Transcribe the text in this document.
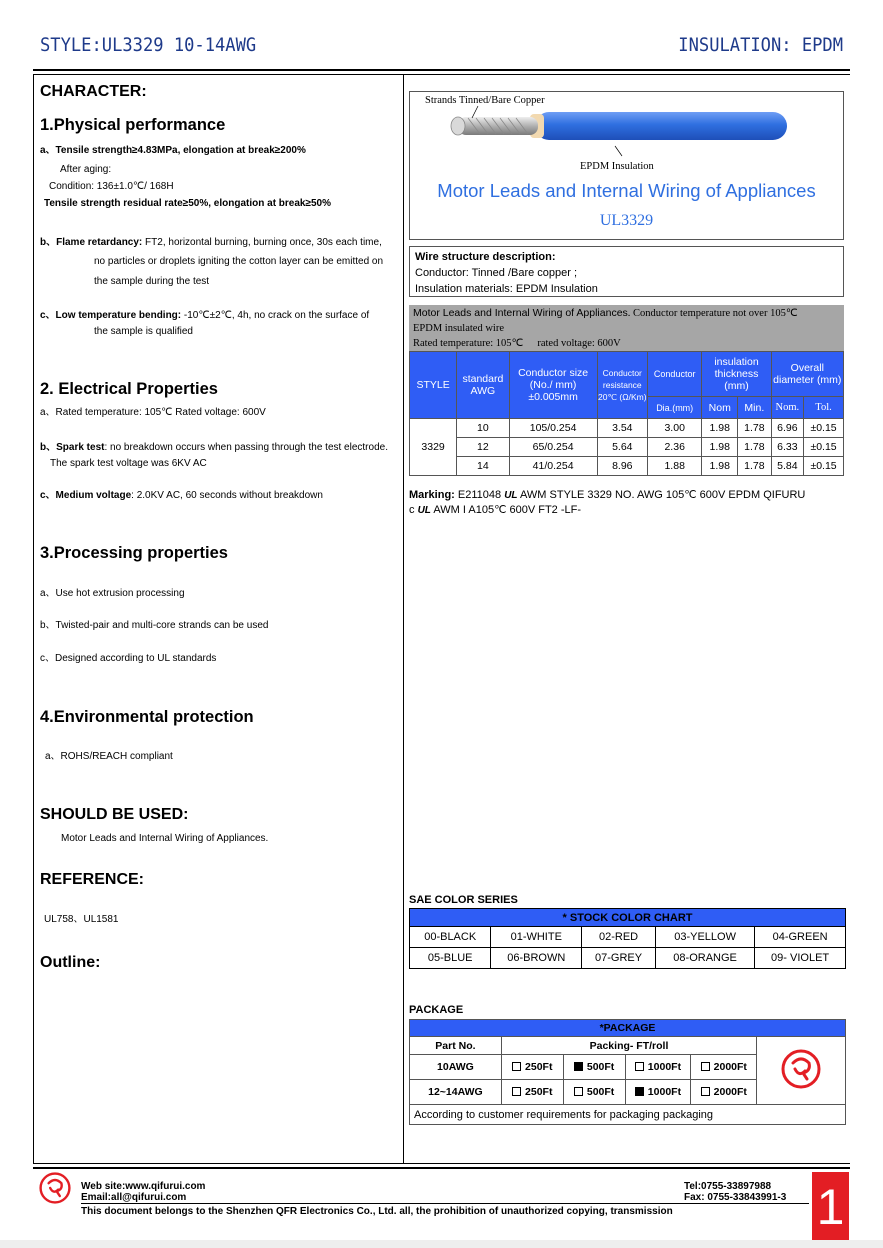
STYLE:UL3329 10-14AWG	INSULATION: EPDM
CHARACTER:
1.Physical performance
a、Tensile strength≥4.83MPa, elongation at break≥200%
After aging:
Condition: 136±1.0℃/ 168H
Tensile strength residual rate≥50%, elongation at break≥50%
b、Flame retardancy: FT2, horizontal burning, burning once, 30s each time,
no particles or droplets igniting the cotton layer can be emitted on
the sample during the test
c、Low temperature bending: -10℃±2℃, 4h, no crack on the surface of
the sample is qualified
2. Electrical Properties
a、Rated temperature: 105℃ Rated voltage: 600V
b、Spark test: no breakdown occurs when passing through the test electrode.
The spark test voltage was 6KV AC
c、Medium voltage: 2.0KV AC, 60 seconds without breakdown
3.Processing properties
a、Use hot extrusion processing
b、Twisted-pair and multi-core strands can be used
c、Designed according to UL standards
4.Environmental protection
a、ROHS/REACH compliant
SHOULD BE USED:
Motor Leads and Internal Wiring of Appliances.
REFERENCE:
UL758、UL1581
Outline:
Strands Tinned/Bare Copper
EPDM Insulation
Motor Leads and Internal Wiring of Appliances
UL3329
Wire structure description:
Conductor: Tinned /Bare copper ;
Insulation materials: EPDM Insulation
Motor Leads and Internal Wiring of Appliances. Conductor temperature not over 105℃
EPDM insulated wire
Rated temperature: 105℃ rated voltage: 600V
STYLE	standard AWG	Conductor size (No./ mm) ±0.005mm	Conductor resistance 20℃ (Ω/Km)	Conductor	insulation thickness (mm)		Overall diameter (mm)	
				Dia.(mm)	Nom	Min.	Nom.	Tol.
3329	10	105/0.254	3.54	3.00	1.98	1.78	6.96	±0.15
	12	65/0.254	5.64	2.36	1.98	1.78	6.33	±0.15
	14	41/0.254	8.96	1.88	1.98	1.78	5.84	±0.15
Marking: E211048 UL AWM STYLE 3329 NO. AWG 105℃ 600V EPDM QIFURU
c UL AWM I A105℃ 600V FT2 -LF-
SAE COLOR SERIES
* STOCK COLOR CHART				
00-BLACK	01-WHITE	02-RED	03-YELLOW	04-GREEN
05-BLUE	06-BROWN	07-GREY	08-ORANGE	09- VIOLET
PACKAGE
*PACKAGE					
Part No.	Packing- FT/roll	
10AWG	250Ft	500Ft	1000Ft	2000Ft	
12~14AWG	250Ft	500Ft	1000Ft	2000Ft	
According to customer requirements for packaging packaging					
Web site:www.qifurui.com
Email:all@qifurui.com
Tel:0755-33897988
Fax: 0755-33843991-3
This document belongs to the Shenzhen QFR Electronics Co., Ltd. all, the prohibition of unauthorized copying, transmission	1
